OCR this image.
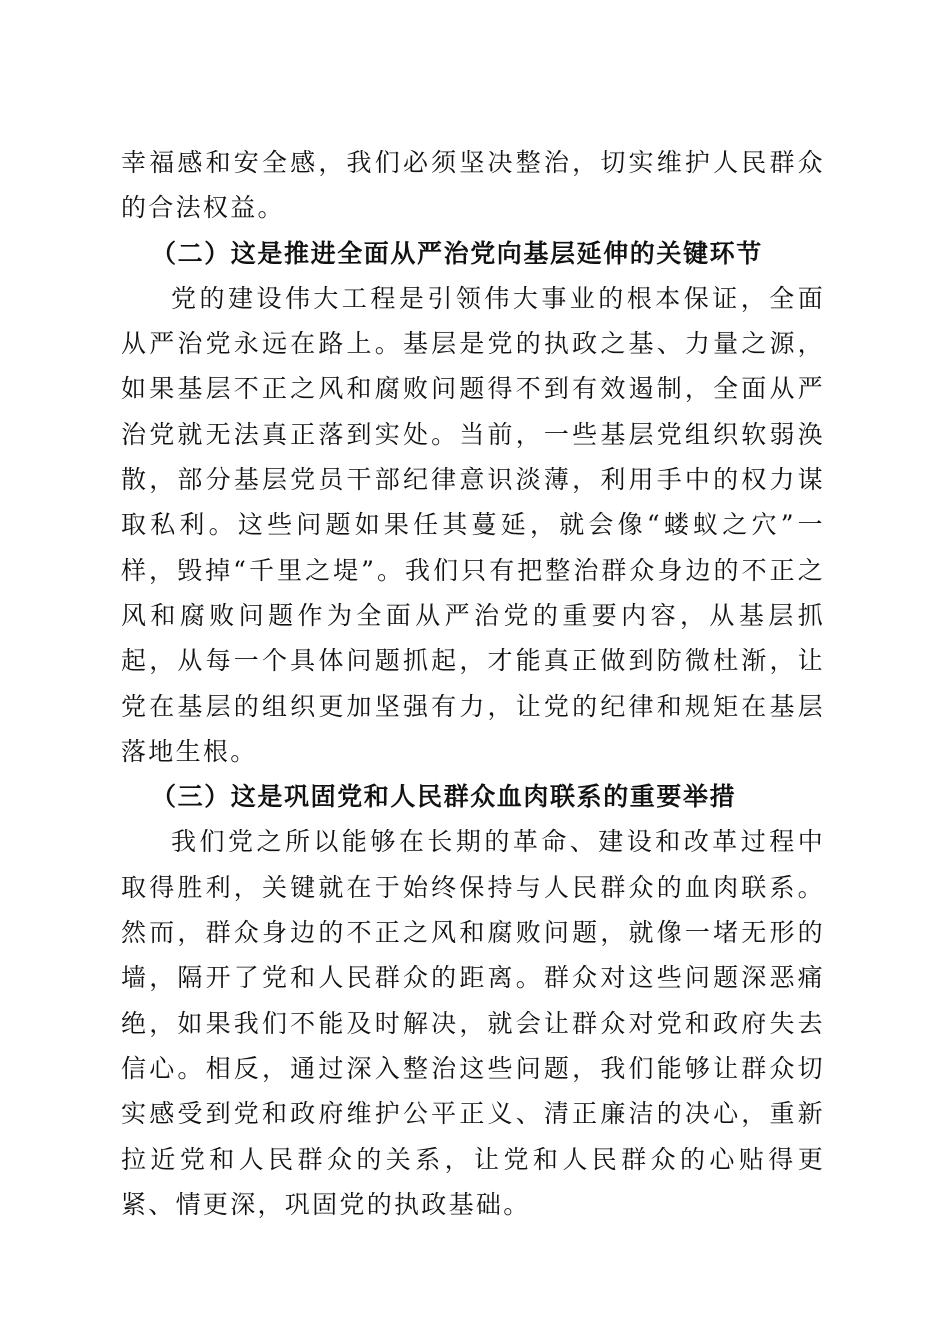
幸福感和安全感，我们必须坚决整治，切实维护人民群众的合法权益。

（二）这是推进全面从严治党向基层延伸的关键环节

党的建设伟大工程是引领伟大事业的根本保证，全面从严治党永远在路上。基层是党的执政之基、力量之源，如果基层不正之风和腐败问题得不到有效遏制，全面从严治党就无法真正落到实处。当前，一些基层党组织软弱涣散，部分基层党员干部纪律意识淡薄，利用手中的权力谋取私利。这些问题如果任其蔓延，就会像“蝼蚁之穴”一样，毁掉“千里之堤”。我们只有把整治群众身边的不正之风和腐败问题作为全面从严治党的重要内容，从基层抓起，从每一个具体问题抓起，才能真正做到防微杜渐，让党在基层的组织更加坚强有力，让党的纪律和规矩在基层落地生根。

（三）这是巩固党和人民群众血肉联系的重要举措

我们党之所以能够在长期的革命、建设和改革过程中取得胜利，关键就在于始终保持与人民群众的血肉联系。然而，群众身边的不正之风和腐败问题，就像一堵无形的墙，隔开了党和人民群众的距离。群众对这些问题深恶痛绝，如果我们不能及时解决，就会让群众对党和政府失去信心。相反，通过深入整治这些问题，我们能够让群众切实感受到党和政府维护公平正义、清正廉洁的决心，重新拉近党和人民群众的关系，让党和人民群众的心贴得更紧、情更深，巩固党的执政基础。
